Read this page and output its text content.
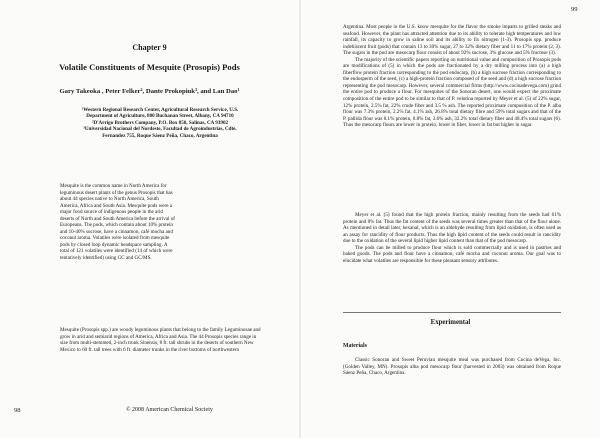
Chapter 9
Volatile Constituents of Mesquite (Prosopis) Pods
Gary Takeoka , Peter Felker², Dante Prokopiuk³, and Lan Dao¹
¹Western Regional Research Center, Agricultural Research Service, U.S.
Department of Agriculture, 800 Buchanan Street, Albany, CA 94710
²D'Arrigo Brothers Company, P.O. Box 850, Salinas, CA 93902
³Universidad Nacional del Nordeste, Facultad de Agroindustrias, Cdte.
Fernandez 755, Roque Sáenz Peña, Chaco, Argentina

Mesquite is the common name in North America for leguminous desert plants of the genus Prosopis that has about 44 species native to North America, South America, Africa and South Asia. Mesquite pods were a major food source of indigenous people in the arid deserts of North and South America before the arrival of Europeans. The pods, which contain about 10% protein and 10-40% sucrose, have a cinnamon, café mocha and coconut aroma. Volatiles were isolated from mesquite pods by closed loop dynamic headspace sampling. A total of 121 volatiles were identified (14 of which were tentatively identified) using GC and GC/MS.

Mesquite (Prosopis spp.) are woody leguminous plants that belong to the family Leguminosae and grow in arid and semiarid regions of America, Africa and Asia. The 44 Prosopis species range in size from multi-stemmed, 2-inch trunk Sinensis, 8 ft. tall shrubs in the deserts of southern New Mexico to 60 ft. tall trees with 6 ft. diameter trunks in the river bottoms of northwestern

98	© 2008 American Chemical Society
99

Argentina. Most people in the U.S. know mesquite for the flavor the smoke imparts to grilled steaks and seafood. However, the plant has attracted attention due to its ability to tolerate high temperatures and low rainfall, its capacity to grow in saline soil and its ability to fix nitrogen (1-3). Prosopis spp. produce indehiscent fruit (pods) that contain 13 to 30% sugar, 27 to 32% dietary fiber and 11 to 17% protein (2, 3). The sugars in the pod are mesocarp flour consist of about 92% sucrose, 3% glucose and 5% fructose (3).

The majority of the scientific papers reporting on nutritional value and composition of Prosopis pods are modifications of (5) in which the pods are fractionated by a dry milling process into (a) a high fiberflow protein fraction corresponding to the pod endocarp, (b) a high sucrose fraction corresponding to the endosperm of the seed, (c) a high-protein fraction composed of the seed and (d) a high sucrose fraction representing the pod mesocarp. However, several commercial firms (http://www.cocinadevega.com) grind the entire pod to produce a flour. For mesquites of the Sonoran desert, one would expect the proximate composition of the entire pod to be similar to that of P. velutina reported by Meyer et al. (5) of 22% sugar, 12% protein, 2.5% fat, 22% crude fiber and 3.5 % ash. The reported proximate composition of the P. alba flour was 7.3% protein, 2.2% fat, 4.1% ash, 26.8% total dietary fibre and 59% total sugars and that of the P. pallida flour was 8.1% protein, 0.8% fat, 3.6% ash, 32.2% total dietary fiber and 48.4% total sugars (6). Thus the mesocarp flours are lower in protein, lower in fiber, lower in fat but higher in sugar.

Meyer et al. (5) found that the high protein fraction, mainly resulting from the seeds had 61% protein and 8% fat. Thus the fat content of the seeds was several times greater than that of the flour alone. As mentioned in detail later, hexanal, which is an aldehyde resulting from lipid oxidation, is often used as an assay for rancidity of flour products. Thus the high lipid content of the seeds could result in rancidity due to the oxidation of the several lipid higher lipid content than that of the pod mesocarp.

The pods can be milled to produce flour which is sold commercially and is used in pastries and baked goods. The pods and flour have a cinnamon, café mocha and coconut aroma. Our goal was to elucidate what volatiles are responsible for these pleasant sensory attributes.

Experimental
Materials

Classic Sonoran and Sweet Peruvian mesquite meal was purchased from Cocina deVega, Inc. (Golden Valley, MN). Prosopis alba pod mesocarp flour (harvested in 2003) was obtained from Roque Sáenz Peña, Chaco, Argentina.
